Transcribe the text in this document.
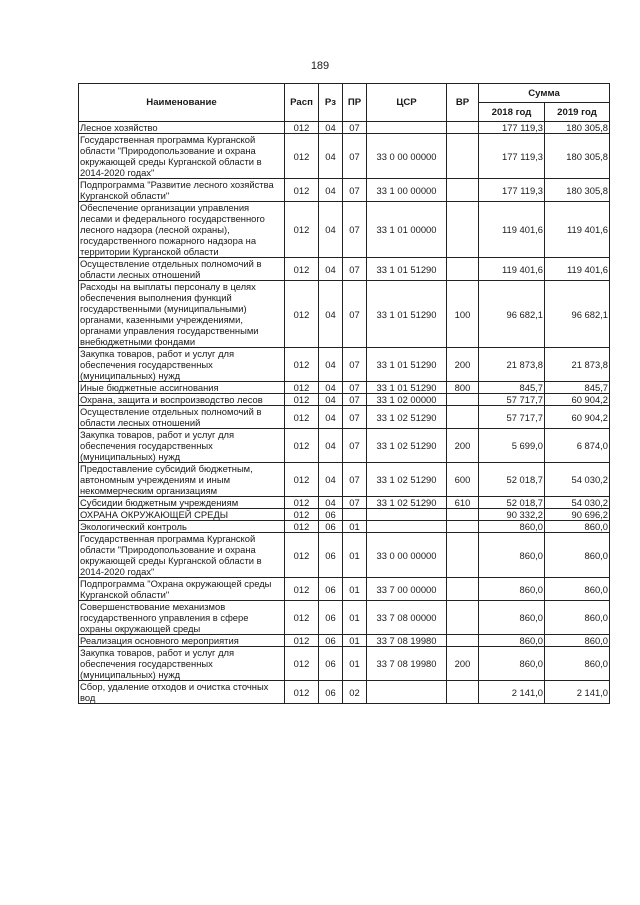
189
Наименование	Расп	Рз	ПР	ЦСР	ВР	Сумма	
						2018 год	2019 год
Лесное хозяйство	012	04	07			177 119,3	180 305,8
Государственная программа Курганской области "Природопользование и охрана окружающей среды Курганской области в 2014-2020 годах"	012	04	07	33 0 00 00000		177 119,3	180 305,8
Подпрограмма "Развитие лесного хозяйства Курганской области"	012	04	07	33 1 00 00000		177 119,3	180 305,8
Обеспечение организации управления лесами и федерального государственного лесного надзора (лесной охраны), государственного пожарного надзора на территории Курганской области	012	04	07	33 1 01 00000		119 401,6	119 401,6
Осуществление отдельных полномочий в области лесных отношений	012	04	07	33 1 01 51290		119 401,6	119 401,6
Расходы на выплаты персоналу в целях обеспечения выполнения функций государственными (муниципальными) органами, казенными учреждениями, органами управления государственными внебюджетными фондами	012	04	07	33 1 01 51290	100	96 682,1	96 682,1
Закупка товаров, работ и услуг для обеспечения государственных (муниципальных) нужд	012	04	07	33 1 01 51290	200	21 873,8	21 873,8
Иные бюджетные ассигнования	012	04	07	33 1 01 51290	800	845,7	845,7
Охрана, защита и воспроизводство лесов	012	04	07	33 1 02 00000		57 717,7	60 904,2
Осуществление отдельных полномочий в области лесных отношений	012	04	07	33 1 02 51290		57 717,7	60 904,2
Закупка товаров, работ и услуг для обеспечения государственных (муниципальных) нужд	012	04	07	33 1 02 51290	200	5 699,0	6 874,0
Предоставление субсидий бюджетным, автономным учреждениям и иным некоммерческим организациям	012	04	07	33 1 02 51290	600	52 018,7	54 030,2
Субсидии бюджетным учреждениям	012	04	07	33 1 02 51290	610	52 018,7	54 030,2
ОХРАНА ОКРУЖАЮЩЕЙ СРЕДЫ	012	06				90 332,2	90 696,2
Экологический контроль	012	06	01			860,0	860,0
Государственная программа Курганской области "Природопользование и охрана окружающей среды Курганской области в 2014-2020 годах"	012	06	01	33 0 00 00000		860,0	860,0
Подпрограмма "Охрана окружающей среды Курганской области"	012	06	01	33 7 00 00000		860,0	860,0
Совершенствование механизмов государственного управления в сфере охраны окружающей среды	012	06	01	33 7 08 00000		860,0	860,0
Реализация основного мероприятия	012	06	01	33 7 08 19980		860,0	860,0
Закупка товаров, работ и услуг для обеспечения государственных (муниципальных) нужд	012	06	01	33 7 08 19980	200	860,0	860,0
Сбор, удаление отходов и очистка сточных вод	012	06	02			2 141,0	2 141,0
